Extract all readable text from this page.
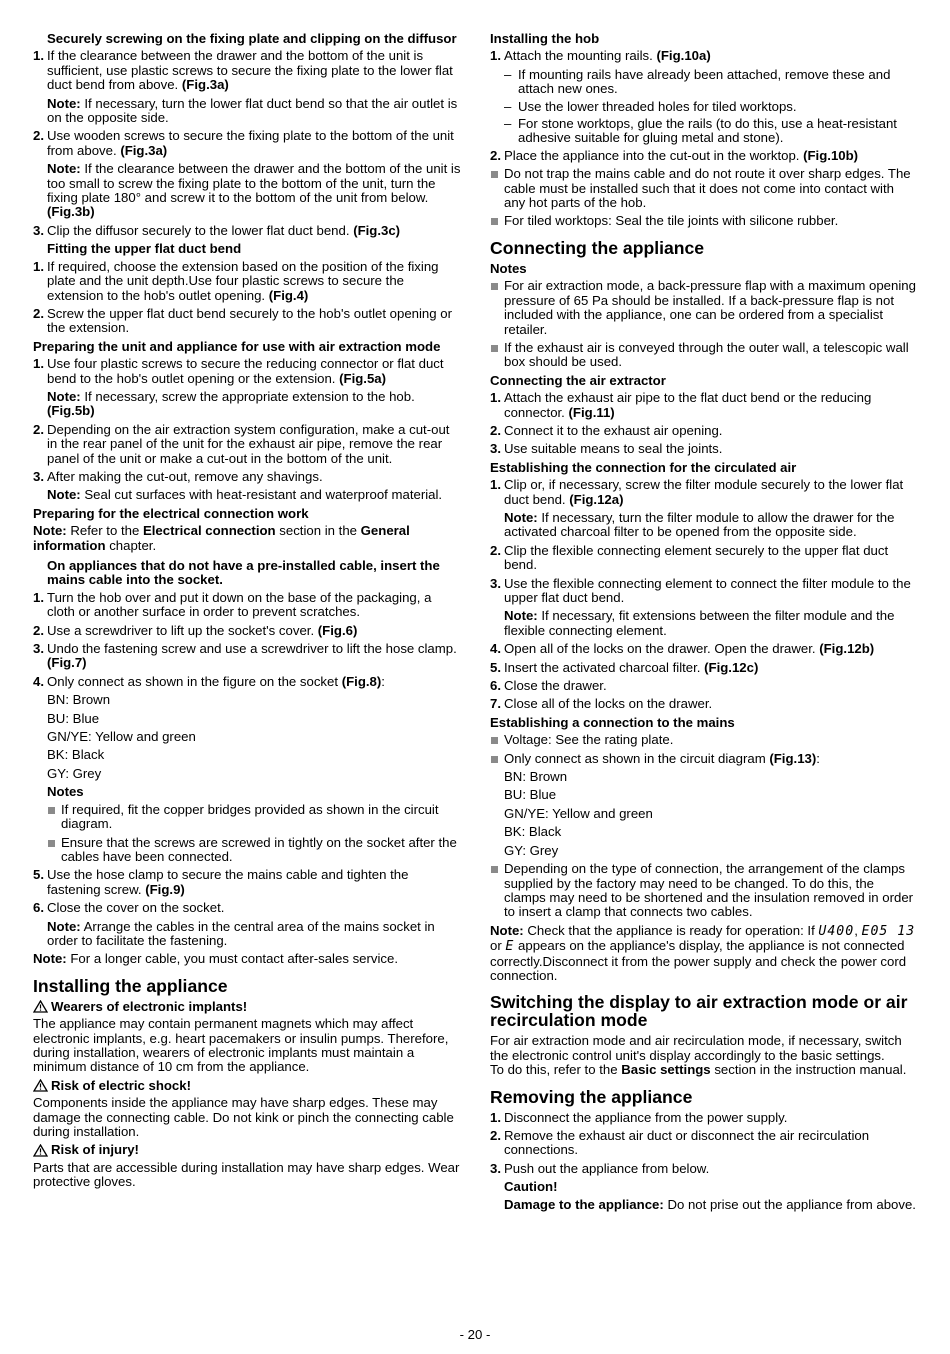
Securely screwing on the fixing plate and clipping on the diffusor

1. If the clearance between the drawer and the bottom of the unit is sufficient, use plastic screws to secure the fixing plate to the lower flat duct bend from above. (Fig.3a)

Note: If necessary, turn the lower flat duct bend so that the air outlet is on the opposite side.

2. Use wooden screws to secure the fixing plate to the bottom of the unit from above. (Fig.3a)

Note: If the clearance between the drawer and the bottom of the unit is too small to screw the fixing plate to the bottom of the unit, turn the fixing plate 180° and screw it to the bottom of the unit from below. (Fig.3b)

3. Clip the diffusor securely to the lower flat duct bend. (Fig.3c)

Fitting the upper flat duct bend

1. If required, choose the extension based on the position of the fixing plate and the unit depth.Use four plastic screws to secure the extension to the hob's outlet opening. (Fig.4)
2. Screw the upper flat duct bend securely to the hob's outlet opening or the extension.

Preparing the unit and appliance for use with air extraction mode

1. Use four plastic screws to secure the reducing connector or flat duct bend to the hob's outlet opening or the extension. (Fig.5a)

Note: If necessary, screw the appropriate extension to the hob. (Fig.5b)

2. Depending on the air extraction system configuration, make a cut-out in the rear panel of the unit for the exhaust air pipe, remove the rear panel of the unit or make a cut-out in the bottom of the unit.
3. After making the cut-out, remove any shavings.

Note: Seal cut surfaces with heat-resistant and waterproof material.

Preparing for the electrical connection work

Note: Refer to the Electrical connection section in the General information chapter.

On appliances that do not have a pre-installed cable, insert the mains cable into the socket.

1. Turn the hob over and put it down on the base of the packaging, a cloth or another surface in order to prevent scratches.
2. Use a screwdriver to lift up the socket's cover. (Fig.6)
3. Undo the fastening screw and use a screwdriver to lift the hose clamp. (Fig.7)
4. Only connect as shown in the figure on the socket (Fig.8):

BN: Brown

BU: Blue

GN/YE: Yellow and green

BK: Black

GY: Grey

Notes

If required, fit the copper bridges provided as shown in the circuit diagram.
Ensure that the screws are screwed in tightly on the socket after the cables have been connected.
5. Use the hose clamp to secure the mains cable and tighten the fastening screw. (Fig.9)
6. Close the cover on the socket.

Note: Arrange the cables in the central area of the mains socket in order to facilitate the fastening.

Note: For a longer cable, you must contact after-sales service.

Installing the appliance

Wearers of electronic implants!

The appliance may contain permanent magnets which may affect electronic implants, e.g. heart pacemakers or insulin pumps. Therefore, during installation, wearers of electronic implants must maintain a minimum distance of 10 cm from the appliance.

Risk of electric shock!

Components inside the appliance may have sharp edges. These may damage the connecting cable. Do not kink or pinch the connecting cable during installation.

Risk of injury!

Parts that are accessible during installation may have sharp edges. Wear protective gloves.

Installing the hob

1. Attach the mounting rails. (Fig.10a)
– If mounting rails have already been attached, remove these and attach new ones.
– Use the lower threaded holes for tiled worktops.
– For stone worktops, glue the rails (to do this, use a heat-resistant adhesive suitable for gluing metal and stone).
2. Place the appliance into the cut-out in the worktop. (Fig.10b)
Do not trap the mains cable and do not route it over sharp edges. The cable must be installed such that it does not come into contact with any hot parts of the hob.
For tiled worktops: Seal the tile joints with silicone rubber.

Connecting the appliance

Notes

For air extraction mode, a back-pressure flap with a maximum opening pressure of 65 Pa should be installed. If a back-pressure flap is not included with the appliance, one can be ordered from a specialist retailer.
If the exhaust air is conveyed through the outer wall, a telescopic wall box should be used.

Connecting the air extractor

1. Attach the exhaust air pipe to the flat duct bend or the reducing connector. (Fig.11)
2. Connect it to the exhaust air opening.
3. Use suitable means to seal the joints.

Establishing the connection for the circulated air

1. Clip or, if necessary, screw the filter module securely to the lower flat duct bend. (Fig.12a)

Note: If necessary, turn the filter module to allow the drawer for the activated charcoal filter to be opened from the opposite side.

2. Clip the flexible connecting element securely to the upper flat duct bend.
3. Use the flexible connecting element to connect the filter module to the upper flat duct bend.

Note: If necessary, fit extensions between the filter module and the flexible connecting element.

4. Open all of the locks on the drawer. Open the drawer. (Fig.12b)
5. Insert the activated charcoal filter. (Fig.12c)
6. Close the drawer.
7. Close all of the locks on the drawer.

Establishing a connection to the mains

Voltage: See the rating plate.
Only connect as shown in the circuit diagram (Fig.13):

BN: Brown

BU: Blue

GN/YE: Yellow and green

BK: Black

GY: Grey

Depending on the type of connection, the arrangement of the clamps supplied by the factory may need to be changed. To do this, the clamps may need to be shortened and the insulation removed in order to insert a clamp that connects two cables.

Note: Check that the appliance is ready for operation: If U400, E05 13 or E appears on the appliance's display, the appliance is not connected correctly.Disconnect it from the power supply and check the power cord connection.

Switching the display to air extraction mode or air recirculation mode

For air extraction mode and air recirculation mode, if necessary, switch the electronic control unit's display accordingly to the basic settings.

To do this, refer to the Basic settings section in the instruction manual.

Removing the appliance

1. Disconnect the appliance from the power supply.
2. Remove the exhaust air duct or disconnect the air recirculation connections.
3. Push out the appliance from below.

Caution!

Damage to the appliance: Do not prise out the appliance from above.

- 20 -
